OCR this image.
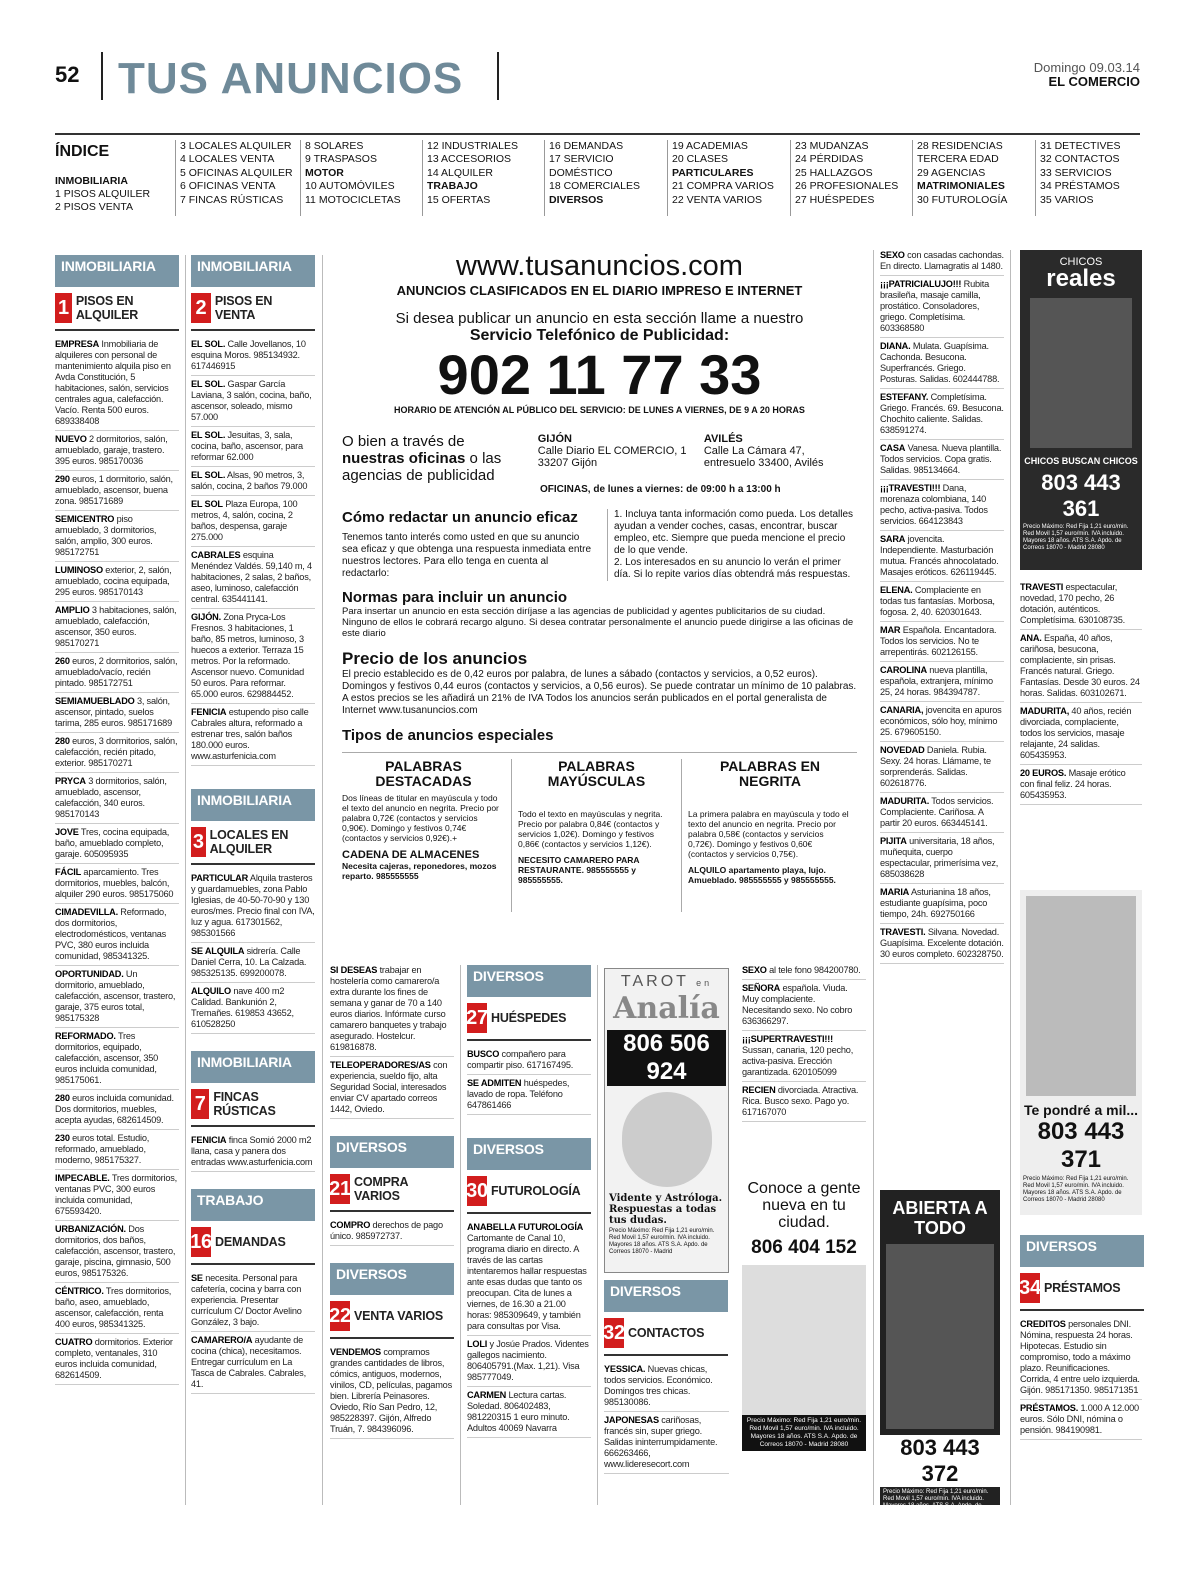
52 TUS ANUNCIOS	Domingo 09.03.14
EL COMERCIO
ÍNDICE
INMOBILIARIA
1 PISOS ALQUILER
2 PISOS VENTA
3 LOCALES ALQUILER
4 LOCALES VENTA
5 OFICINAS ALQUILER
6 OFICINAS VENTA
7 FINCAS RÚSTICAS
8 SOLARES
9 TRASPASOS
MOTOR
10 AUTOMÓVILES
11 MOTOCICLETAS
12 INDUSTRIALES
13 ACCESORIOS
14 ALQUILER
TRABAJO
15 OFERTAS
16 DEMANDAS
17 SERVICIO
DOMÉSTICO
18 COMERCIALES
DIVERSOS
19 ACADEMIAS
20 CLASES
PARTICULARES
21 COMPRA VARIOS
22 VENTA VARIOS
23 MUDANZAS
24 PÉRDIDAS
25 HALLAZGOS
26 PROFESIONALES
27 HUÉSPEDES
28 RESIDENCIAS
TERCERA EDAD
29 AGENCIAS
MATRIMONIALES
30 FUTUROLOGÍA
31 DETECTIVES
32 CONTACTOS
33 SERVICIOS
34 PRÉSTAMOS
35 VARIOS
INMOBILIARIA
1 PISOS EN ALQUILER

EMPRESA Inmobiliaria de alquileres con personal de mantenimiento alquila piso en Avda Constitución, 5 habitaciones, salón, servicios centrales agua, calefacción. Vacío. Renta 500 euros. 689338408

NUEVO 2 dormitorios, salón, amueblado, garaje, trastero. 395 euros. 985170036

290 euros, 1 dormitorio, salón, amueblado, ascensor, buena zona. 985171689

SEMICENTRO piso amueblado, 3 dormitorios, salón, amplio, 300 euros. 985172751

LUMINOSO exterior, 2, salón, amueblado, cocina equipada, 295 euros. 985170143

AMPLIO 3 habitaciones, salón, amueblado, calefacción, ascensor, 350 euros. 985170271

260 euros, 2 dormitorios, salón, amueblado/vacío, recién pintado. 985172751

SEMIAMUEBLADO 3, salón, ascensor, pintado, suelos tarima, 285 euros. 985171689

280 euros, 3 dormitorios, salón, calefacción, recién pitado, exterior. 985170271

PRYCA 3 dormitorios, salón, amueblado, ascensor, calefacción, 340 euros. 985170143

JOVE Tres, cocina equipada, baño, amueblado completo, garaje. 605095935

FÁCIL aparcamiento. Tres dormitorios, muebles, balcón, alquiler 290 euros. 985175060

CIMADEVILLA. Reformado, dos dormitorios, electrodomésticos, ventanas PVC, 380 euros incluida comunidad, 985341325.

OPORTUNIDAD. Un dormitorio, amueblado, calefacción, ascensor, trastero, garaje, 375 euros total, 985175328

REFORMADO. Tres dormitorios, equipado, calefacción, ascensor, 350 euros incluida comunidad, 985175061.

280 euros incluida comunidad. Dos dormitorios, muebles, acepta ayudas, 682614509.

230 euros total. Estudio, reformado, amueblado, moderno, 985175327.

IMPECABLE. Tres dormitorios, ventanas PVC, 300 euros incluida comunidad, 675593420.

URBANIZACIÓN. Dos dormitorios, dos baños, calefacción, ascensor, trastero, garaje, piscina, gimnasio, 500 euros, 985175326.

CÉNTRICO. Tres dormitorios, baño, aseo, amueblado, ascensor, calefacción, renta 400 euros, 985341325.

CUATRO dormitorios. Exterior completo, ventanales, 310 euros incluida comunidad, 682614509.

INMOBILIARIA
2 PISOS EN VENTA

EL SOL. Calle Jovellanos, 10 esquina Moros. 985134932. 617446915

EL SOL. Gaspar García Laviana, 3 salón, cocina, baño, ascensor, soleado, mismo 57.000

EL SOL. Jesuitas, 3, sala, cocina, baño, ascensor, para reformar 62.000

EL SOL. Alsas, 90 metros, 3, salón, cocina, 2 baños 79.000

EL SOL Plaza Europa, 100 metros, 4, salón, cocina, 2 baños, despensa, garaje 275.000

CABRALES esquina Menéndez Valdés. 59,140 m, 4 habitaciones, 2 salas, 2 baños, aseo, luminoso, calefacción central. 635441141.

GIJÓN. Zona Pryca-Los Fresnos. 3 habitaciones, 1 baño, 85 metros, luminoso, 3 huecos a exterior. Terraza 15 metros. Por la reformado. Ascensor nuevo. Comunidad 50 euros. Para reformar. 65.000 euros. 629884452.

FENICIA estupendo piso calle Cabrales altura, reformado a estrenar tres, salón baños 180.000 euros. www.asturfenicia.com

INMOBILIARIA
3 LOCALES EN ALQUILER

PARTICULAR Alquila trasteros y guardamuebles, zona Pablo Iglesias, de 40-50-70-90 y 130 euros/mes. Precio final con IVA, luz y agua. 617301562, 985301566

SE ALQUILA sidrería. Calle Daniel Cerra, 10. La Calzada. 985325135. 699200078.

ALQUILO nave 400 m2 Calidad. Bankunión 2, Tremañes. 619853 43652, 610528250

INMOBILIARIA
7 FINCAS RÚSTICAS

FENICIA finca Somió 2000 m2 llana, casa y panera dos entradas www.asturfenicia.com

TRABAJO
16 DEMANDAS

SE necesita. Personal para cafetería, cocina y barra con experiencia. Presentar currículum C/ Doctor Avelino González, 3 bajo.

CAMARERO/A ayudante de cocina (chica), necesitamos. Entregar currículum en La Tasca de Cabrales. Cabrales, 41.

www.tusanuncios.com
ANUNCIOS CLASIFICADOS EN EL DIARIO IMPRESO E INTERNET
Si desea publicar un anuncio en esta sección llame a nuestro
Servicio Telefónico de Publicidad:
902 11 77 33
HORARIO DE ATENCIÓN AL PÚBLICO DEL SERVICIO: DE LUNES A VIERNES, DE 9 A 20 HORAS
O bien a través de nuestras oficinas o las agencias de publicidad
GIJÓN
Calle Diario EL COMERCIO, 1 33207 Gijón
AVILÉS
Calle La Cámara 47, entresuelo 33400, Avilés
OFICINAS, de lunes a viernes: de 09:00 h a 13:00 h
Cómo redactar un anuncio eficaz
Tenemos tanto interés como usted en que su anuncio sea eficaz y que obtenga una respuesta inmediata entre nuestros lectores. Para ello tenga en cuenta al redactarlo:
1. Incluya tanta información como pueda. Los detalles ayudan a vender coches, casas, encontrar, buscar empleo, etc. Siempre que pueda mencione el precio de lo que vende.
2. Los interesados en su anuncio lo verán el primer día. Si lo repite varios días obtendrá más respuestas.
Normas para incluir un anuncio
Para insertar un anuncio en esta sección diríjase a las agencias de publicidad y agentes publicitarios de su ciudad. Ninguno de ellos le cobrará recargo alguno. Si desea contratar personalmente el anuncio puede dirigirse a las oficinas de este diario
Precio de los anuncios
El precio establecido es de 0,42 euros por palabra, de lunes a sábado (contactos y servicios, a 0,52 euros). Domingos y festivos 0,44 euros (contactos y servicios, a 0,56 euros). Se puede contratar un mínimo de 10 palabras. A estos precios se les añadirá un 21% de IVA Todos los anuncios serán publicados en el portal generalista de Internet www.tusanuncios.com
Tipos de anuncios especiales
PALABRAS DESTACADAS
Dos líneas de titular en mayúscula y todo el texto del anuncio en negrita. Precio por palabra 0,72€ (contactos y servicios 0,90€). Domingo y festivos 0,74€ (contactos y servicios 0,92€).+
CADENA DE ALMACENES
Necesita cajeras, reponedores, mozos reparto. 985555555
PALABRAS MAYÚSCULAS
Todo el texto en mayúsculas y negrita. Precio por palabra 0,84€ (contactos y servicios 1,02€). Domingo y festivos 0,86€ (contactos y servicios 1,12€).
NECESITO CAMARERO PARA RESTAURANTE. 985555555 y 985555555.
PALABRAS EN NEGRITA
La primera palabra en mayúscula y todo el texto del anuncio en negrita. Precio por palabra 0,58€ (contactos y servicios 0,72€). Domingo y festivos 0,60€ (contactos y servicios 0,75€).
ALQUILO apartamento playa, lujo. Amueblado. 985555555 y 985555555.

SI DESEAS trabajar en hostelería como camarero/a extra durante los fines de semana y ganar de 70 a 140 euros diarios. Infórmate curso camarero banquetes y trabajo asegurado. Hostelcur. 619816878.

TELEOPERADORES/AS con experiencia, sueldo fijo, alta Seguridad Social, interesados enviar CV apartado correos 1442, Oviedo.

DIVERSOS
21 COMPRA VARIOS

COMPRO derechos de pago único. 985972737.

DIVERSOS
22 VENTA VARIOS

VENDEMOS compramos grandes cantidades de libros, cómics, antiguos, modernos, vinilos, CD, películas, pagamos bien. Librería Peinasores. Oviedo, Río San Pedro, 12, 985228397. Gijón, Alfredo Truán, 7. 984396096.

DIVERSOS
27 HUÉSPEDES

BUSCO compañero para compartir piso. 617167495.

SE ADMITEN huéspedes, lavado de ropa. Teléfono 647861466

DIVERSOS
30 FUTUROLOGÍA

ANABELLA FUTUROLOGÍA Cartomante de Canal 10, programa diario en directo. A través de las cartas intentaremos hallar respuestas ante esas dudas que tanto os preocupan. Cita de lunes a viernes, de 16.30 a 21.00 horas: 985309649, y también para consultas por Visa.

LOLI y Josúe Prados. Videntes gallegos nacimiento. 806405791.(Max. 1,21). Visa 985777049.

CARMEN Lectura cartas. Soledad. 806402483, 981220315 1 euro minuto. Adultos 40069 Navarra

TAROT en
Analía
806 506 924
Vidente y Astróloga. Respuestas a todas tus dudas.
Precio Máximo: Red Fija 1,21 euro/min. Red Movil 1,57 euro/min. IVA incluido. Mayores 18 años. ATS S.A. Apdo. de Correos 18070 - Madrid
DIVERSOS
32 CONTACTOS

YESSICA. Nuevas chicas, todos servicios. Económico. Domingos tres chicas. 985130086.

JAPONESAS cariñosas, francés sin, super griego. Salidas ininterrumpidamente. 666263466, www.lideresecort.com

SEXO al tele fono 984200780.

SEÑORA española. Viuda. Muy complaciente. Necesitando sexo. No cobro 636366297.

¡¡¡SUPERTRAVESTI!!! Sussan, canaria, 120 pecho, activa-pasiva. Erección garantizada. 620105099

RECIEN divorciada. Atractiva. Rica. Busco sexo. Pago yo. 617167070

Conoce a gente nueva en tu ciudad.
806 404 152
Precio Máximo: Red Fija 1,21 euro/min. Red Movil 1,57 euro/min. IVA incluido. Mayores 18 años. ATS S.A. Apdo. de Correos 18070 - Madrid 28080

SEXO con casadas cachondas. En directo. Llamagratis al 1480.

¡¡¡PATRICIALUJO!!! Rubita brasileña, masaje camilla, prostático. Consoladores, griego. Completísima. 603368580

DIANA. Mulata. Guapísima. Cachonda. Besucona. Superfrancés. Griego. Posturas. Salidas. 602444788.

ESTEFANY. Completísima. Griego. Francés. 69. Besucona. Chochito caliente. Salidas. 638591274.

CASA Vanesa. Nueva plantilla. Todos servicios. Copa gratis. Salidas. 985134664.

¡¡¡TRAVESTI!!! Dana, morenaza colombiana, 140 pecho, activa-pasiva. Todos servicios. 664123843

SARA jovencita. Independiente. Masturbación mutua. Francés ahnocolatado. Masajes eróticos. 626119445.

ELENA. Complaciente en todas tus fantasías. Morbosa, fogosa. 2, 40. 620301643.

MAR Española. Encantadora. Todos los servicios. No te arrepentirás. 602126155.

CAROLINA nueva plantilla, española, extranjera, mínimo 25, 24 horas. 984394787.

CANARIA, jovencita en apuros económicos, sólo hoy, mínimo 25. 679605150.

NOVEDAD Daniela. Rubia. Sexy. 24 horas. Llámame, te sorprenderás. Salidas. 602618776.

MADURITA. Todos servicios. Complaciente. Cariñosa. A partir 20 euros. 663445141.

PIJITA universitaria, 18 años, muñequita, cuerpo espectacular, primerísima vez, 685038628

MARIA Asturianina 18 años, estudiante guapísima, poco tiempo, 24h. 692750166

TRAVESTI. Silvana. Novedad. Guapísima. Excelente dotación. 30 euros completo. 602328750.

ABIERTA A TODO
803 443 372
Precio Máximo: Red Fija 1,21 euro/min. Red Movil 1,57 euro/min. IVA incluido. Mayores 18 años. ATS S.A. Apdo. de Correos 18070 - Madrid 28080
CHICOS
reales
CHICOS BUSCAN CHICOS
803 443 361
Precio Máximo: Red Fija 1,21 euro/min. Red Movil 1,57 euro/min. IVA incluido. Mayores 18 años. ATS S.A. Apdo. de Correos 18070 - Madrid 28080

TRAVESTI espectacular, novedad, 170 pecho, 26 dotación, auténticos. Completísima. 630108735.

ANA. España, 40 años, cariñosa, besucona, complaciente, sin prisas. Francés natural. Griego. Fantasías. Desde 30 euros. 24 horas. Salidas. 603102671.

MADURITA, 40 años, recién divorciada, complaciente, todos los servicios, masaje relajante, 24 salidas. 605435953.

20 EUROS. Masaje erótico con final feliz. 24 horas. 605435953.

Te pondré a mil...
803 443 371
Precio Máximo: Red Fija 1,21 euro/min. Red Movil 1,57 euro/min. IVA incluido. Mayores 18 años. ATS S.A. Apdo. de Correos 18070 - Madrid 28080
DIVERSOS
34 PRÉSTAMOS

CREDITOS personales DNI. Nómina, respuesta 24 horas. Hipotecas. Estudio sin compromiso, todo a máximo plazo. Reunificaciones. Corrida, 4 entre uelo izquierda. Gijón. 985171350. 985171351

PRÉSTAMOS. 1.000 A 12.000 euros. Sólo DNI, nómina o pensión. 984190981.
